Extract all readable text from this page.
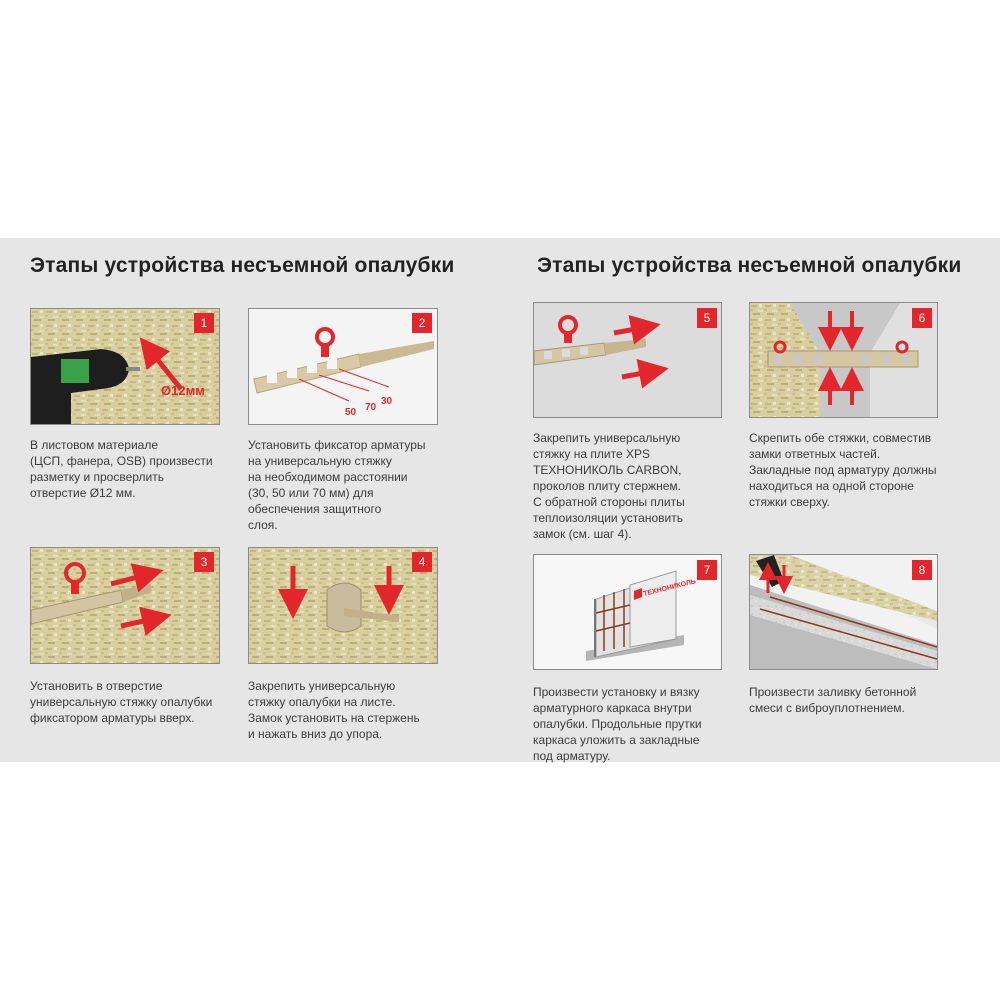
Этапы устройства несъемной опалубки	Этапы устройства несъемной опалубки
Ø12мм
1
В листовом материале
(ЦСП, фанера, OSB) произвести
разметку и просверлить
отверстие Ø12 мм.
50 70
30
2
Установить фиксатор арматуры
на универсальную стяжку
на необходимом расстоянии
(30, 50 или 70 мм) для
обеспечения защитного
слоя.
3
Установить в отверстие
универсальную стяжку опалубки
фиксатором арматуры вверх.
4
Закрепить универсальную
стяжку опалубки на листе.
Замок установить на стержень
и нажать вниз до упора.
5
Закрепить универсальную
стяжку на плите XPS
ТЕХНОНИКОЛЬ CARBON,
проколов плиту стержнем.
С обратной стороны плиты
теплоизоляции установить
замок (см. шаг 4).
6
Скрепить обе стяжки, совместив
замки ответных частей.
Закладные под арматуру должны
находиться на одной стороне
стяжки сверху.
ТЕХНОНИКОЛЬ
7
Произвести установку и вязку
арматурного каркаса внутри
опалубки. Продольные прутки
каркаса уложить а закладные
под арматуру.
8
Произвести заливку бетонной
смеси с виброуплотнением.
